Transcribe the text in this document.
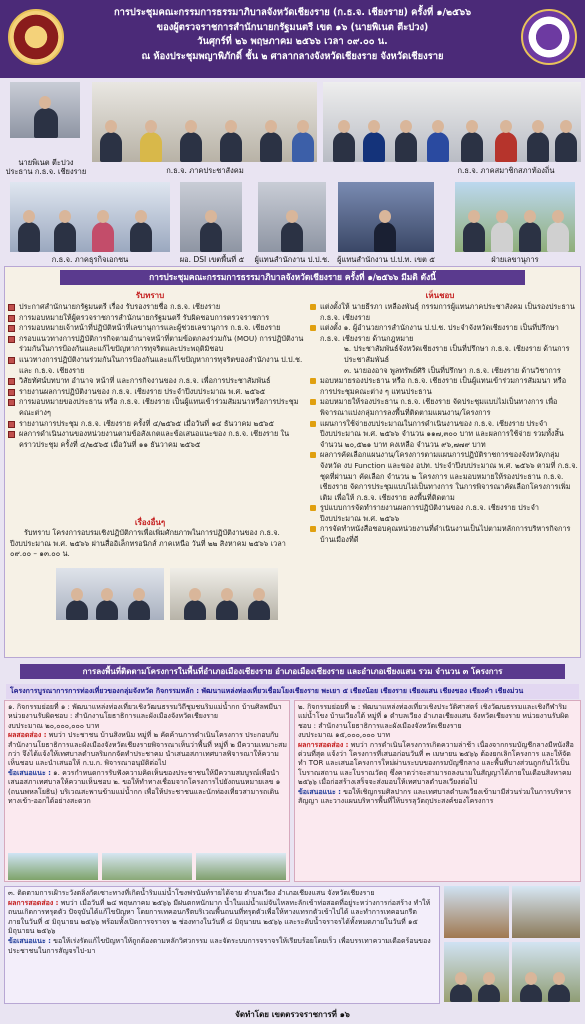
การประชุมคณะกรรมการธรรมาภิบาลจังหวัดเชียงราย (ก.ธ.จ. เชียงราย) ครั้งที่ ๑/๒๕๖๖
ของผู้ตรวจราชการสำนักนายกรัฐมนตรี เขต ๑๖ (นายพิเนต ตีะปวง)
วันศุกร์ที่ ๒๖ พฤษภาคม ๒๕๖๖ เวลา ๐๙.๐๐ น.
ณ ห้องประชุมพญาพิภักดิ์ ชั้น ๒ ศาลากลางจังหวัดเชียงราย จังหวัดเชียงราย
นายพิเนต ตีะปวง
ประธาน ก.ธ.จ. เชียงราย	ก.ธ.จ. ภาคประชาสังคม	ก.ธ.จ. ภาคสมาชิกสภาท้องถิ่น
ก.ธ.จ. ภาคธุรกิจเอกชน	ผอ. DSI เขตพื้นที่ ๕	ผู้แทนสำนักงาน ป.ป.ช.	ผู้แทนสำนักงาน ป.ป.ท. เขต ๕	ฝ่ายเลขานุการ
การประชุมคณะกรรมการธรรมาภิบาลจังหวัดเชียงราย ครั้งที่ ๑/๒๕๖๖ มีมติ ดังนี้
รับทราบ
ประกาศสำนักนายกรัฐมนตรี เรื่อง รับรองรายชื่อ ก.ธ.จ. เชียงราย
การมอบหมายให้ผู้ตรวจราชการสำนักนายกรัฐมนตรี รับผิดชอบการตรวจราชการ
การมอบหมายเจ้าหน้าที่ปฏิบัติหน้าที่เลขานุการและผู้ช่วยเลขานุการ ก.ธ.จ. เชียงราย
กรอบแนวทางการปฏิบัติการกิจตามอำนาจหน้าที่ตามข้อตกลงร่วมกัน (MOU) การปฏิบัติงานร่วมกันในการป้องกันและแก้ไขปัญหาการทุจริตและประพฤติมิชอบ
แนวทางการปฏิบัติงานร่วมกันในการป้องกันและแก้ไขปัญหาการทุจริตของสำนักงาน ป.ป.ช. และ ก.ธ.จ. เชียงราย
วิสัยทัศน์บทบาท อำนาจ หน้าที่ และการกิจงานของ ก.ธ.จ. เพื่อการประชาสัมพันธ์
รายงานผลการปฏิบัติงานของ ก.ธ.จ. เชียงราย ประจำปีงบประมาณ พ.ศ. ๒๕๖๕
การมอบหมายของประธาน หรือ ก.ธ.จ. เชียงราย เป็นผู้แทนเข้าร่วมสัมมนาหรือการประชุมคณะต่างๆ
รายงานการประชุม ก.ธ.จ. เชียงราย ครั้งที่ ๔/๒๕๖๕ เมื่อวันที่ ๑๔ ธันวาคม ๒๕๖๕
ผลการดำเนินงานของหน่วยงานตามข้อสังเกตและข้อเสนอแนะของ ก.ธ.จ. เชียงราย ในคราวประชุม ครั้งที่ ๔/๒๕๖๕ เมื่อวันที่ ๑๑ ธันวาคม ๒๕๖๕
เรื่องอื่นๆ
รับทราบ โครงการอบรมเชิงปฏิบัติการเพื่อเพิ่มศักยภาพในการปฏิบัติงานของ ก.ธ.จ. ปีงบประมาณ พ.ศ. ๒๕๖๖ ผ่านสื่ออิเล็กทรอนิกส์ ภาคเหนือ วันที่ ๒๒ สิงหาคม ๒๕๖๖ เวลา ๐๙.๐๐ – ๑๓.๐๐ น.
เห็นชอบ
แต่งตั้งให้ นายธีรภา เหลืองพันธุ์ กรรมการผู้แทนภาคประชาสังคม เป็นรองประธาน ก.ธ.จ. เชียงราย
แต่งตั้ง ๑. ผู้อำนวยการสำนักงาน ป.ป.ช. ประจำจังหวัดเชียงราย เป็นที่ปรึกษา ก.ธ.จ. เชียงราย ด้านกฎหมาย
๒. ประชาสัมพันธ์จังหวัดเชียงราย เป็นที่ปรึกษา ก.ธ.จ. เชียงราย ด้านการประชาสัมพันธ์
๓. นายองอาจ พูลทรัพย์ศิริ เป็นที่ปรึกษา ก.ธ.จ. เชียงราย ด้านวิชาการ
มอบหมายรองประธาน หรือ ก.ธ.จ. เชียงราย เป็นผู้แทนเข้าร่วมการสัมมนา หรือการประชุมคณะต่าง ๆ แทนประธาน
มอบหมายให้รองประธาน ก.ธ.จ. เชียงราย จัดประชุมแบบไม่เป็นทางการ เพื่อพิจารณาแบ่งกลุ่มการลงพื้นที่ติดตามแผนงาน/โครงการ
แผนการใช้จ่ายงบประมาณในการดำเนินงานของ ก.ธ.จ. เชียงราย ประจำปีงบประมาณ พ.ศ. ๒๕๖๖ จำนวน ๑๑๗,๓๐๐ บาท และผลการใช้จ่าย รวมทั้งสิ้น จำนวน ๒๐,๕๒๑ บาท คงเหลือ จำนวน ๙๖,๗๗๙ บาท
ผลการคัดเลือกแผนงาน/โครงการตามแผนการปฏิบัติราชการของจังหวัด/กลุ่มจังหวัด งบ Function และของ อปท. ประจำปีงบประมาณ พ.ศ. ๒๕๖๖ ตามที่ ก.ธ.จ. ชุดที่ผ่านมา คัดเลือก จำนวน ๒ โครงการ และมอบหมายให้รองประธาน ก.ธ.จ. เชียงราย จัดการประชุมแบบไม่เป็นทางการ ในการพิจารณาคัดเลือกโครงการเพิ่มเติม เพื่อให้ ก.ธ.จ. เชียงราย ลงพื้นที่ติดตาม
รูปแบบการจัดทำรายงานผลการปฏิบัติงานของ ก.ธ.จ. เชียงราย ประจำปีงบประมาณ พ.ศ. ๒๕๖๖
การจัดทำหนังสือชอบคุณหน่วยงานที่ดำเนินงานเป็นไปตามหลักการบริหารกิจการบ้านเมืองที่ดี
การลงพื้นที่ติดตามโครงการในพื้นที่อำเภอเมืองเชียงราย อำเภอเมืองเชียงราย และอำเภอเชียงแสน รวม จำนวน ๓ โครงการ
โครงการบูรณาการการท่องเที่ยวของกลุ่มจังหวัด กิจกรรมหลัก : พัฒนาแหล่งท่องเที่ยวเชื่อมโยงเชียงราย พะเยา ๕ เชียงน้อย เชียงราย เชียงแสน เชียงของ เชียงคำ เชียงม่วน
๑. กิจกรรมย่อยที่ ๑ : พัฒนาแหล่งท่องเที่ยวเชิงวัฒนธรรมวิถีชุมชนริมแม่น้ำกก บ้านศิลพมีนา หน่วยงานรับผิดชอบ : สำนักงานโยธาธิการและผังเมืองจังหวัดเชียงราย
งบประมาณ ๒๐,๐๐๐,๐๐๐ บาท
ผลสอดส่อง : พบว่า ประชาชน บ้านสิงหนิม หมู่ที่ ๒ คัดค้านการดำเนินโครงการ ประกอบกับสำนักงานโยธาธิการและผังเมืองจังหวัดเชียงรายพิจารณาเห็นว่าพื้นที่ หมู่ที่ ๒ มีความเหมาะสมกว่า จึงได้แจ้งให้เทศบาลตำบลริมกกจัดทำประชาคม นำเสนอสภาเทศบาลพิจารณาให้ความเห็นชอบ และนำเสนอให้ ก.บ.ก. พิจารณาอนุมัติต่อไป
ข้อเสนอแนะ : ๑. ควรกำหนดการรับฟังความคิดเห็นของประชาชนให้มีความสมบูรณ์เพื่อนำเสนอสภาเทศบาลให้ความเห็นชอบ ๒. ขอให้ทำทางเชื่อมจากโครงการไปยังถนนหมายเลข ๑ (ถนนพหลโยธิน) บริเวณสะพานข้ามแม่น้ำกก เพื่อให้ประชาชนและนักท่องเที่ยวสามารถเดินทางเข้า-ออกได้อย่างสะดวก
๒. กิจกรรมย่อยที่ ๒ : พัฒนาแหล่งท่องเที่ยวเชิงประวัติศาสตร์ เชิงวัฒนธรรมและเชิงกีฬาริมแม่น้ำโขง บ้านเวียงใต้ หมู่ที่ ๑ ตำบลเวียง อำเภอเชียงแสน จังหวัดเชียงราย หน่วยงานรับผิดชอบ : สำนักงานโยธาธิการและผังเมืองจังหวัดเชียงราย
งบประมาณ ๑๕,๐๐๐,๐๐๐ บาท
ผลการสอดส่อง : พบว่า การดำเนินโครงการเกิดความล่าช้า เนื่องจากกรมบัญชีกลางมีหนังสือด่วนที่สุด แจ้งว่า โครงการที่เสนอก่อนวันที่ ๓ เมษายน ๒๕๖๖ ต้องยกเลิกโครงการ และให้จัดทำ TOR และเสนอโครงการใหม่ผ่านระบบของกรมบัญชีกลาง และพื้นที่บางส่วนถูกกันไว้เป็นโบราณสถาน และโบราณวัตถุ ซึ่งคาดว่าจะสามารถลงนามในสัญญาได้ภายในเดือนสิงหาคม ๒๕๖๖ เมื่อก่อสร้างเสร็จจะส่งมอบให้เทศบาลตำบลเวียงต่อไป
ข้อเสนอแนะ : ขอให้เชิญกรมศิลปากร และเทศบาลตำบลเวียงเข้ามามีส่วนร่วมในการบริหารสัญญา และวางแผนบริหารพื้นที่ให้บรรลุวัตถุประสงค์ของโครงการ
๓. ติดตามการเฝ้าระวังตลิ่งกัดเซาะทางที่เกิดน้ำริมแม่น้ำโขงฟรนันท์รายได้จาย ตำบลเวียง อำเภอเชียงแสน จังหวัดเชียงราย
ผลการสอดส่อง : พบว่า เมื่อวันที่ ๒๔ พฤษภาคม ๒๕๖๖ มีฝนตกหนักมาก น้ำในแม่น้ำแม่จันไหลทะลักเข้าท่อสอดที่อยู่ระหว่างการก่อสร้าง ทำให้ถนนเกิดการทรุดตัว ปัจจุบันได้แก้ไขปัญหา โดยการเทคอนกรีตบริเวณพื้นถนนที่ทรุดตัวเพื่อให้ทางแทรกตัวเข้าไปได้ และทำการเทคอนกรีตภายในวันที่ ๕ มิถุนายน ๒๕๖๖ พร้อมทั้งเปิดการจราจร ๒ ช่องทางในวันที่ ๘ มิถุนายน ๒๕๖๖ และระดับน้ำจราจรได้ทั้งหมดภายในวันที่ ๑๕ มิถุนายน ๒๕๖๖
ข้อเสนอแนะ : ขอให้เร่งรัดแก้ไขปัญหาให้ถูกต้องตามหลักวิศวกรรม และจัดระบบการจราจรให้เรียบร้อยโดยเร็ว เพื่อบรรเทาความเดือดร้อนของประชาชนในการสัญจรไป-มา
จัดทำโดย เขตตรวจราชการที่ ๑๖
